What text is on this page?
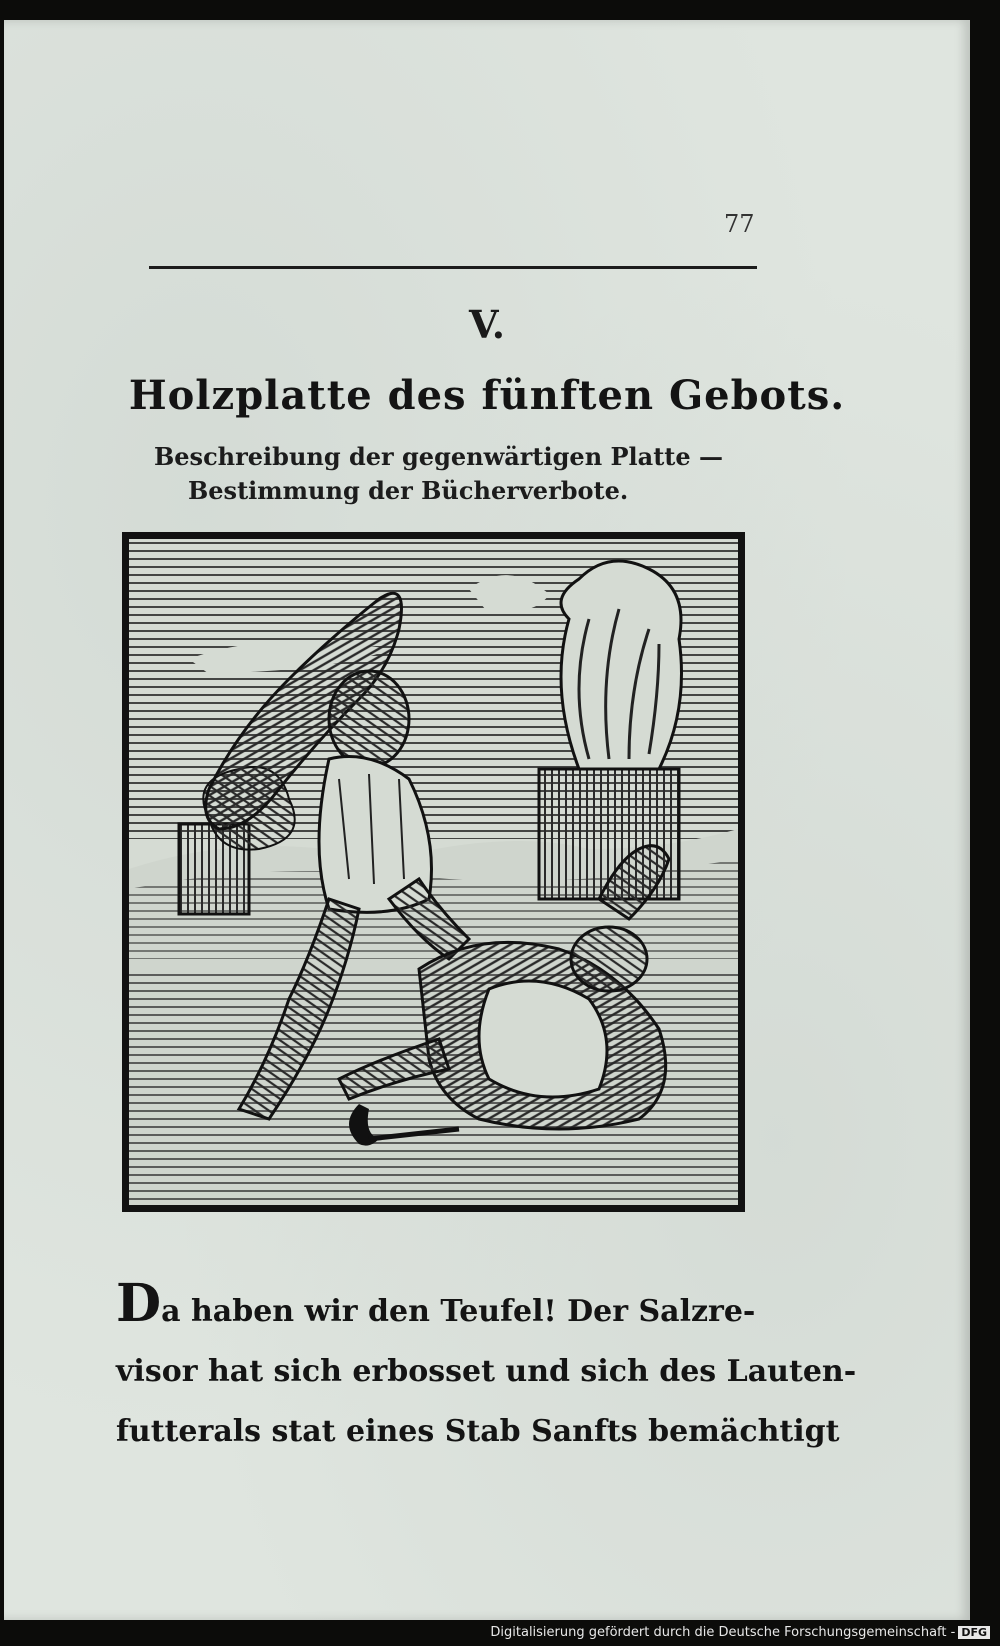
77
V.
Holzplatte des fünften Gebots.
Beschreibung der gegenwärtigen Platte —
Bestimmung der Bücherverbote.
Da haben wir den Teufel! Der Salzre-
visor hat sich erbosset und sich des Lauten-
futterals stat eines Stab Sanfts bemächtigt
Digitalisierung gefördert durch die Deutsche Forschungsgemeinschaft - DFG
